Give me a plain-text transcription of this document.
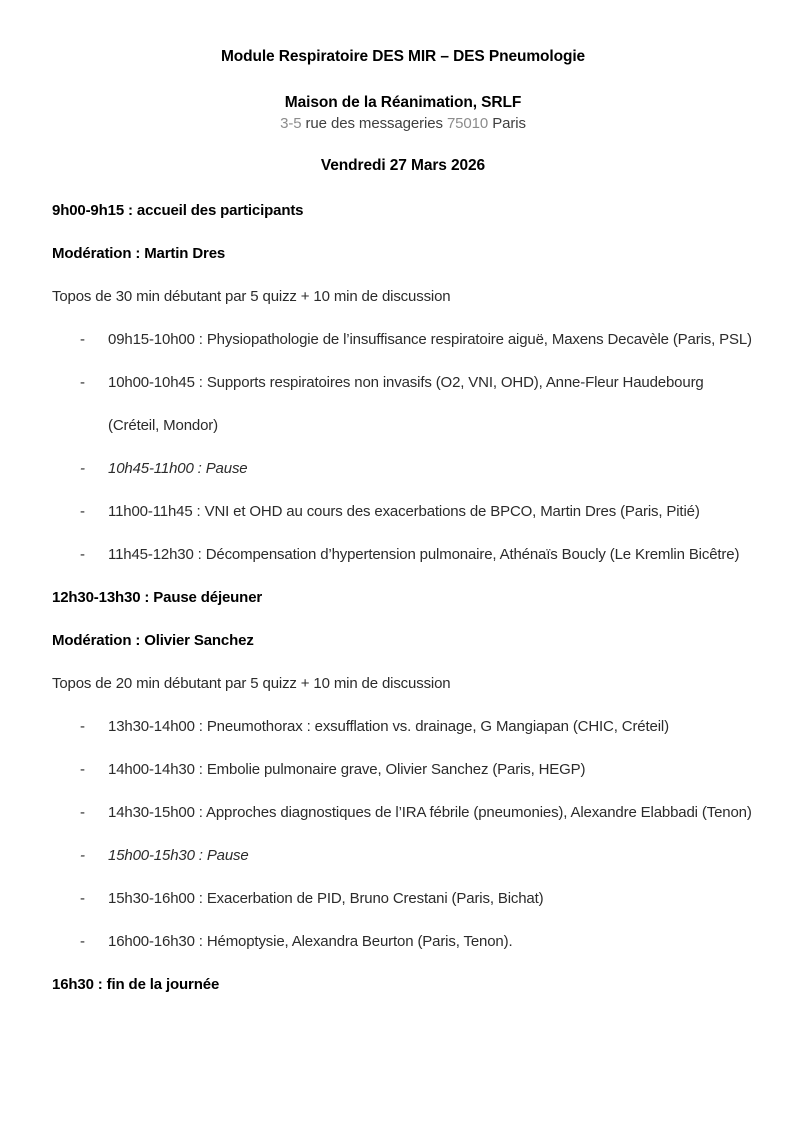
Module Respiratoire DES MIR – DES Pneumologie

Maison de la Réanimation, SRLF

3-5 rue des messageries 75010 Paris

Vendredi 27 Mars 2026

9h00-9h15 : accueil des participants

Modération : Martin Dres

Topos de 30 min débutant par 5 quizz + 10 min de discussion

-	09h15-10h00 : Physiopathologie de l’insuffisance respiratoire aiguë, Maxens Decavèle (Paris, PSL)
-	10h00-10h45 : Supports respiratoires non invasifs (O2, VNI, OHD), Anne-Fleur Haudebourg (Créteil, Mondor)
-	10h45-11h00 : Pause
-	11h00-11h45 : VNI et OHD au cours des exacerbations de BPCO, Martin Dres (Paris, Pitié)
-	11h45-12h30 : Décompensation d’hypertension pulmonaire, Athénaïs Boucly (Le Kremlin Bicêtre)

12h30-13h30 : Pause déjeuner

Modération : Olivier Sanchez

Topos de 20 min débutant par 5 quizz + 10 min de discussion

-	13h30-14h00 : Pneumothorax : exsufflation vs. drainage, G Mangiapan (CHIC, Créteil)
-	14h00-14h30 : Embolie pulmonaire grave, Olivier Sanchez (Paris, HEGP)
-	14h30-15h00 : Approches diagnostiques de l’IRA fébrile (pneumonies), Alexandre Elabbadi (Tenon)
-	15h00-15h30 : Pause
-	15h30-16h00 : Exacerbation de PID, Bruno Crestani (Paris, Bichat)
-	16h00-16h30 : Hémoptysie, Alexandra Beurton (Paris, Tenon).

16h30 : fin de la journée
